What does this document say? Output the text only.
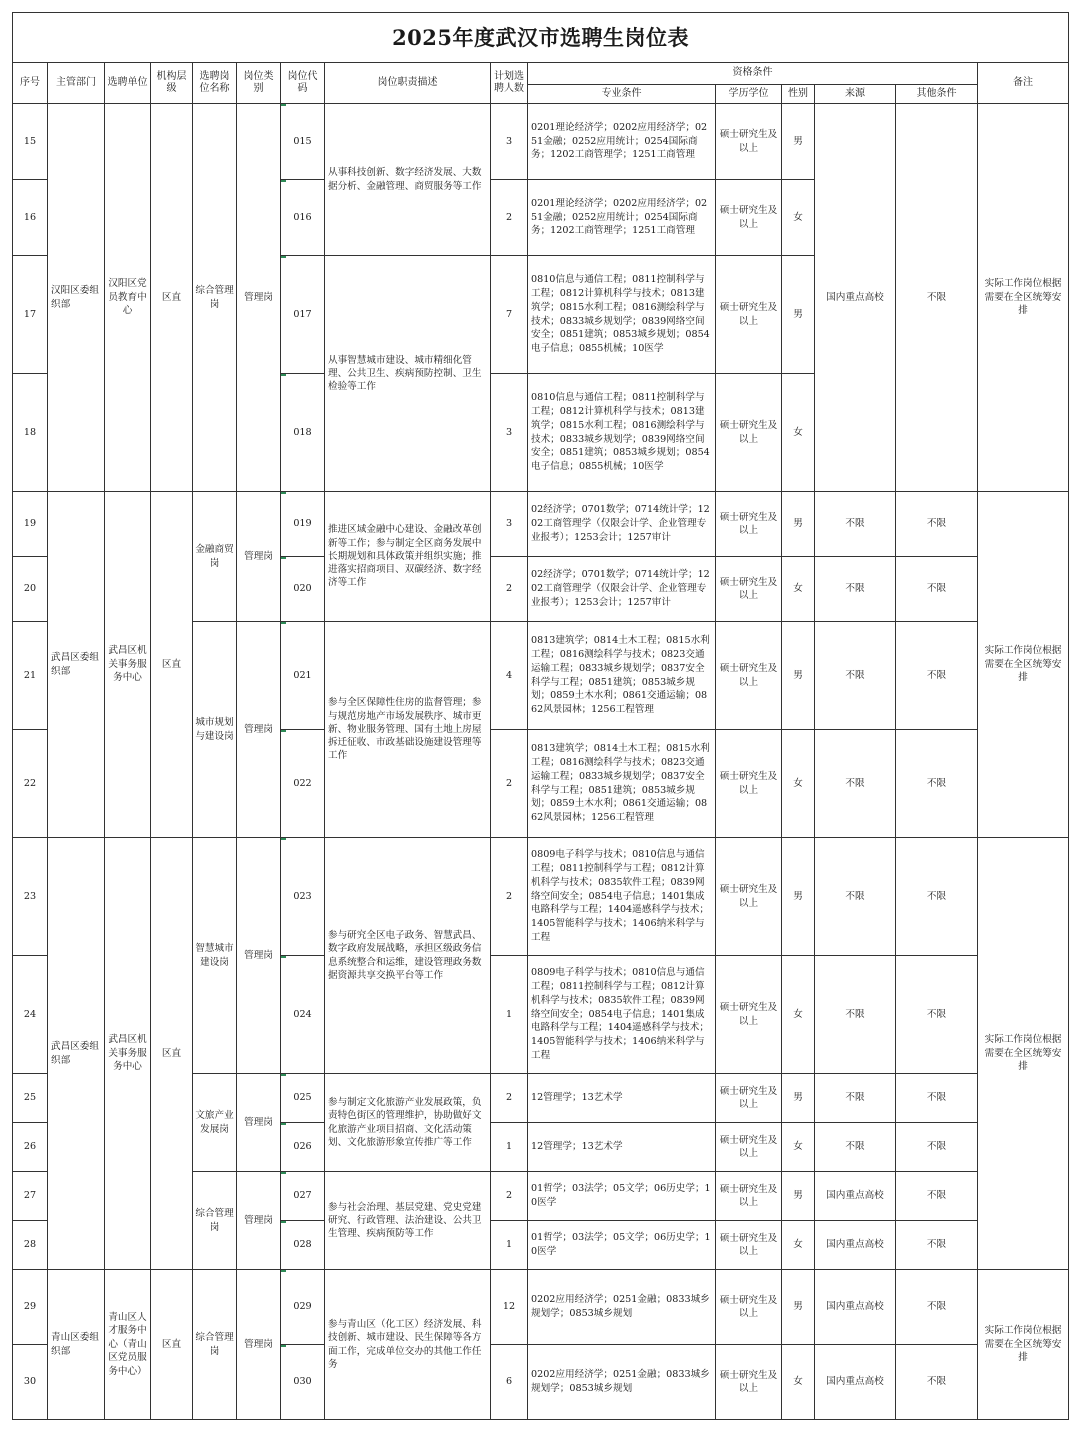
2025年度武汉市选聘生岗位表														
序号	主管部门	选聘单位	机构层级	选聘岗位名称	岗位类别	岗位代码	岗位职责描述	计划选聘人数	资格条件					备注
									专业条件	学历学位	性别	来源	其他条件	
15	汉阳区委组织部	汉阳区党员教育中心	区直	综合管理岗	管理岗	015	从事科技创新、数字经济发展、大数据分析、金融管理、商贸服务等工作	3	0201理论经济学；0202应用经济学；0251金融；0252应用统计；0254国际商务；1202工商管理学；1251工商管理	硕士研究生及以上	男	国内重点高校	不限	实际工作岗位根据需要在全区统筹安排
16						016		2	0201理论经济学；0202应用经济学；0251金融；0252应用统计；0254国际商务；1202工商管理学；1251工商管理	硕士研究生及以上	女			
17						017	从事智慧城市建设、城市精细化管理、公共卫生、疾病预防控制、卫生检验等工作	7	0810信息与通信工程；0811控制科学与工程；0812计算机科学与技术；0813建筑学；0815水利工程；0816测绘科学与技术；0833城乡规划学；0839网络空间安全；0851建筑；0853城乡规划；0854电子信息；0855机械；10医学	硕士研究生及以上	男			
18						018		3	0810信息与通信工程；0811控制科学与工程；0812计算机科学与技术；0813建筑学；0815水利工程；0816测绘科学与技术；0833城乡规划学；0839网络空间安全；0851建筑；0853城乡规划；0854电子信息；0855机械；10医学	硕士研究生及以上	女			
19	武昌区委组织部	武昌区机关事务服务中心	区直	金融商贸岗	管理岗	019	推进区域金融中心建设、金融改革创新等工作；参与制定全区商务发展中长期规划和具体政策并组织实施；推进落实招商项目、双碳经济、数字经济等工作	3	02经济学；0701数学；0714统计学；1202工商管理学（仅限会计学、企业管理专业报考）；1253会计；1257审计	硕士研究生及以上	男	不限	不限	实际工作岗位根据需要在全区统筹安排
20						020		2	02经济学；0701数学；0714统计学；1202工商管理学（仅限会计学、企业管理专业报考）；1253会计；1257审计	硕士研究生及以上	女	不限	不限	
21				城市规划与建设岗	管理岗	021	参与全区保障性住房的监督管理；参与规范房地产市场发展秩序、城市更新、物业服务管理、国有土地上房屋拆迁征收、市政基础设施建设管理等工作	4	0813建筑学；0814土木工程；0815水利工程；0816测绘科学与技术；0823交通运输工程；0833城乡规划学；0837安全科学与工程；0851建筑；0853城乡规划；0859土木水利；0861交通运输；0862风景园林；1256工程管理	硕士研究生及以上	男	不限	不限	
22						022		2	0813建筑学；0814土木工程；0815水利工程；0816测绘科学与技术；0823交通运输工程；0833城乡规划学；0837安全科学与工程；0851建筑；0853城乡规划；0859土木水利；0861交通运输；0862风景园林；1256工程管理	硕士研究生及以上	女	不限	不限	
23	武昌区委组织部	武昌区机关事务服务中心	区直	智慧城市建设岗	管理岗	023	参与研究全区电子政务、智慧武昌、数字政府发展战略，承担区级政务信息系统整合和运维，建设管理政务数据资源共享交换平台等工作	2	0809电子科学与技术；0810信息与通信工程；0811控制科学与工程；0812计算机科学与技术；0835软件工程；0839网络空间安全；0854电子信息；1401集成电路科学与工程；1404遥感科学与技术；1405智能科学与技术；1406纳米科学与工程	硕士研究生及以上	男	不限	不限	实际工作岗位根据需要在全区统筹安排
24						024		1	0809电子科学与技术；0810信息与通信工程；0811控制科学与工程；0812计算机科学与技术；0835软件工程；0839网络空间安全；0854电子信息；1401集成电路科学与工程；1404遥感科学与技术；1405智能科学与技术；1406纳米科学与工程	硕士研究生及以上	女	不限	不限	
25				文旅产业发展岗	管理岗	025	参与制定文化旅游产业发展政策，负责特色街区的管理维护，协助做好文化旅游产业项目招商、文化活动策划、文化旅游形象宣传推广等工作	2	12管理学；13艺术学	硕士研究生及以上	男	不限	不限	
26						026		1	12管理学；13艺术学	硕士研究生及以上	女	不限	不限	
27				综合管理岗	管理岗	027	参与社会治理、基层党建、党史党建研究、行政管理、法治建设、公共卫生管理、疾病预防等工作	2	01哲学；03法学；05文学；06历史学；10医学	硕士研究生及以上	男	国内重点高校	不限	
28						028		1	01哲学；03法学；05文学；06历史学；10医学	硕士研究生及以上	女	国内重点高校	不限	
29	青山区委组织部	青山区人才服务中心（青山区党员服务中心）	区直	综合管理岗	管理岗	029	参与青山区（化工区）经济发展、科技创新、城市建设、民生保障等各方面工作，完成单位交办的其他工作任务	12	0202应用经济学；0251金融；0833城乡规划学；0853城乡规划	硕士研究生及以上	男	国内重点高校	不限	实际工作岗位根据需要在全区统筹安排
30						030		6	0202应用经济学；0251金融；0833城乡规划学；0853城乡规划	硕士研究生及以上	女	国内重点高校	不限	
